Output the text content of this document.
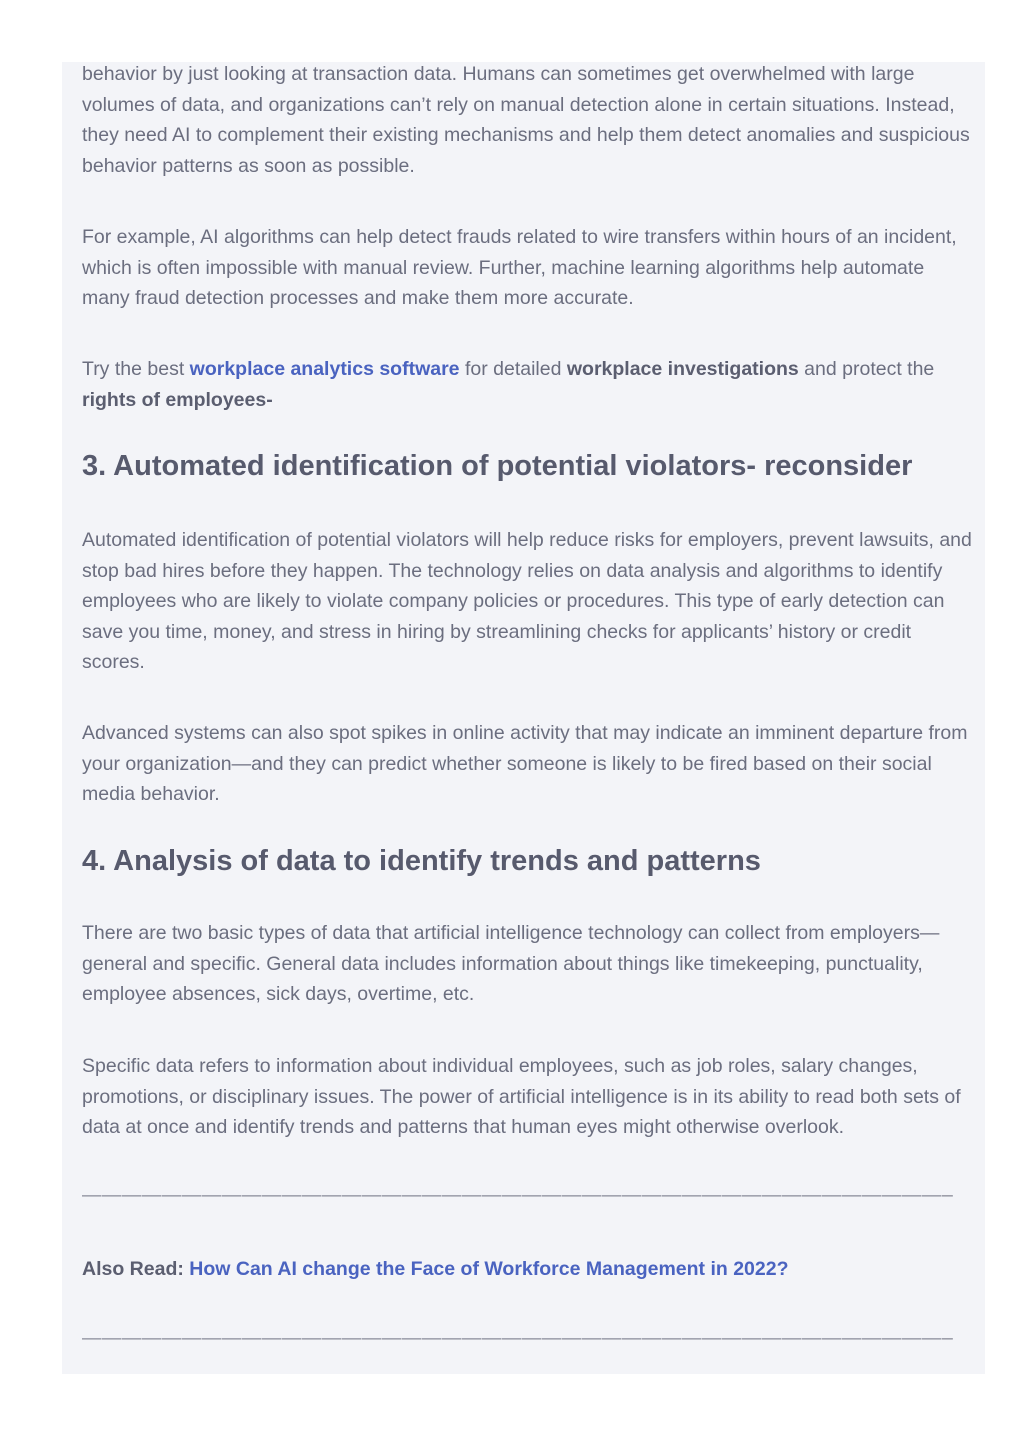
behavior by just looking at transaction data. Humans can sometimes get overwhelmed with large volumes of data, and organizations can’t rely on manual detection alone in certain situations. Instead, they need AI to complement their existing mechanisms and help them detect anomalies and suspicious behavior patterns as soon as possible.

For example, AI algorithms can help detect frauds related to wire transfers within hours of an incident, which is often impossible with manual review. Further, machine learning algorithms help automate many fraud detection processes and make them more accurate.

Try the best workplace analytics software for detailed workplace investigations and protect the rights of employees-

3. Automated identification of potential violators- reconsider

Automated identification of potential violators will help reduce risks for employers, prevent lawsuits, and stop bad hires before they happen. The technology relies on data analysis and algorithms to identify employees who are likely to violate company policies or procedures. This type of early detection can save you time, money, and stress in hiring by streamlining checks for applicants’ history or credit scores.

Advanced systems can also spot spikes in online activity that may indicate an imminent departure from your organization—and they can predict whether someone is likely to be fired based on their social media behavior.

4. Analysis of data to identify trends and patterns

There are two basic types of data that artificial intelligence technology can collect from employers—general and specific. General data includes information about things like timekeeping, punctuality, employee absences, sick days, overtime, etc.

Specific data refers to information about individual employees, such as job roles, salary changes, promotions, or disciplinary issues. The power of artificial intelligence is in its ability to read both sets of data at once and identify trends and patterns that human eyes might otherwise overlook.

———————————————————————————————————————————–

Also Read: How Can AI change the Face of Workforce Management in 2022?

———————————————————————————————————————————–
